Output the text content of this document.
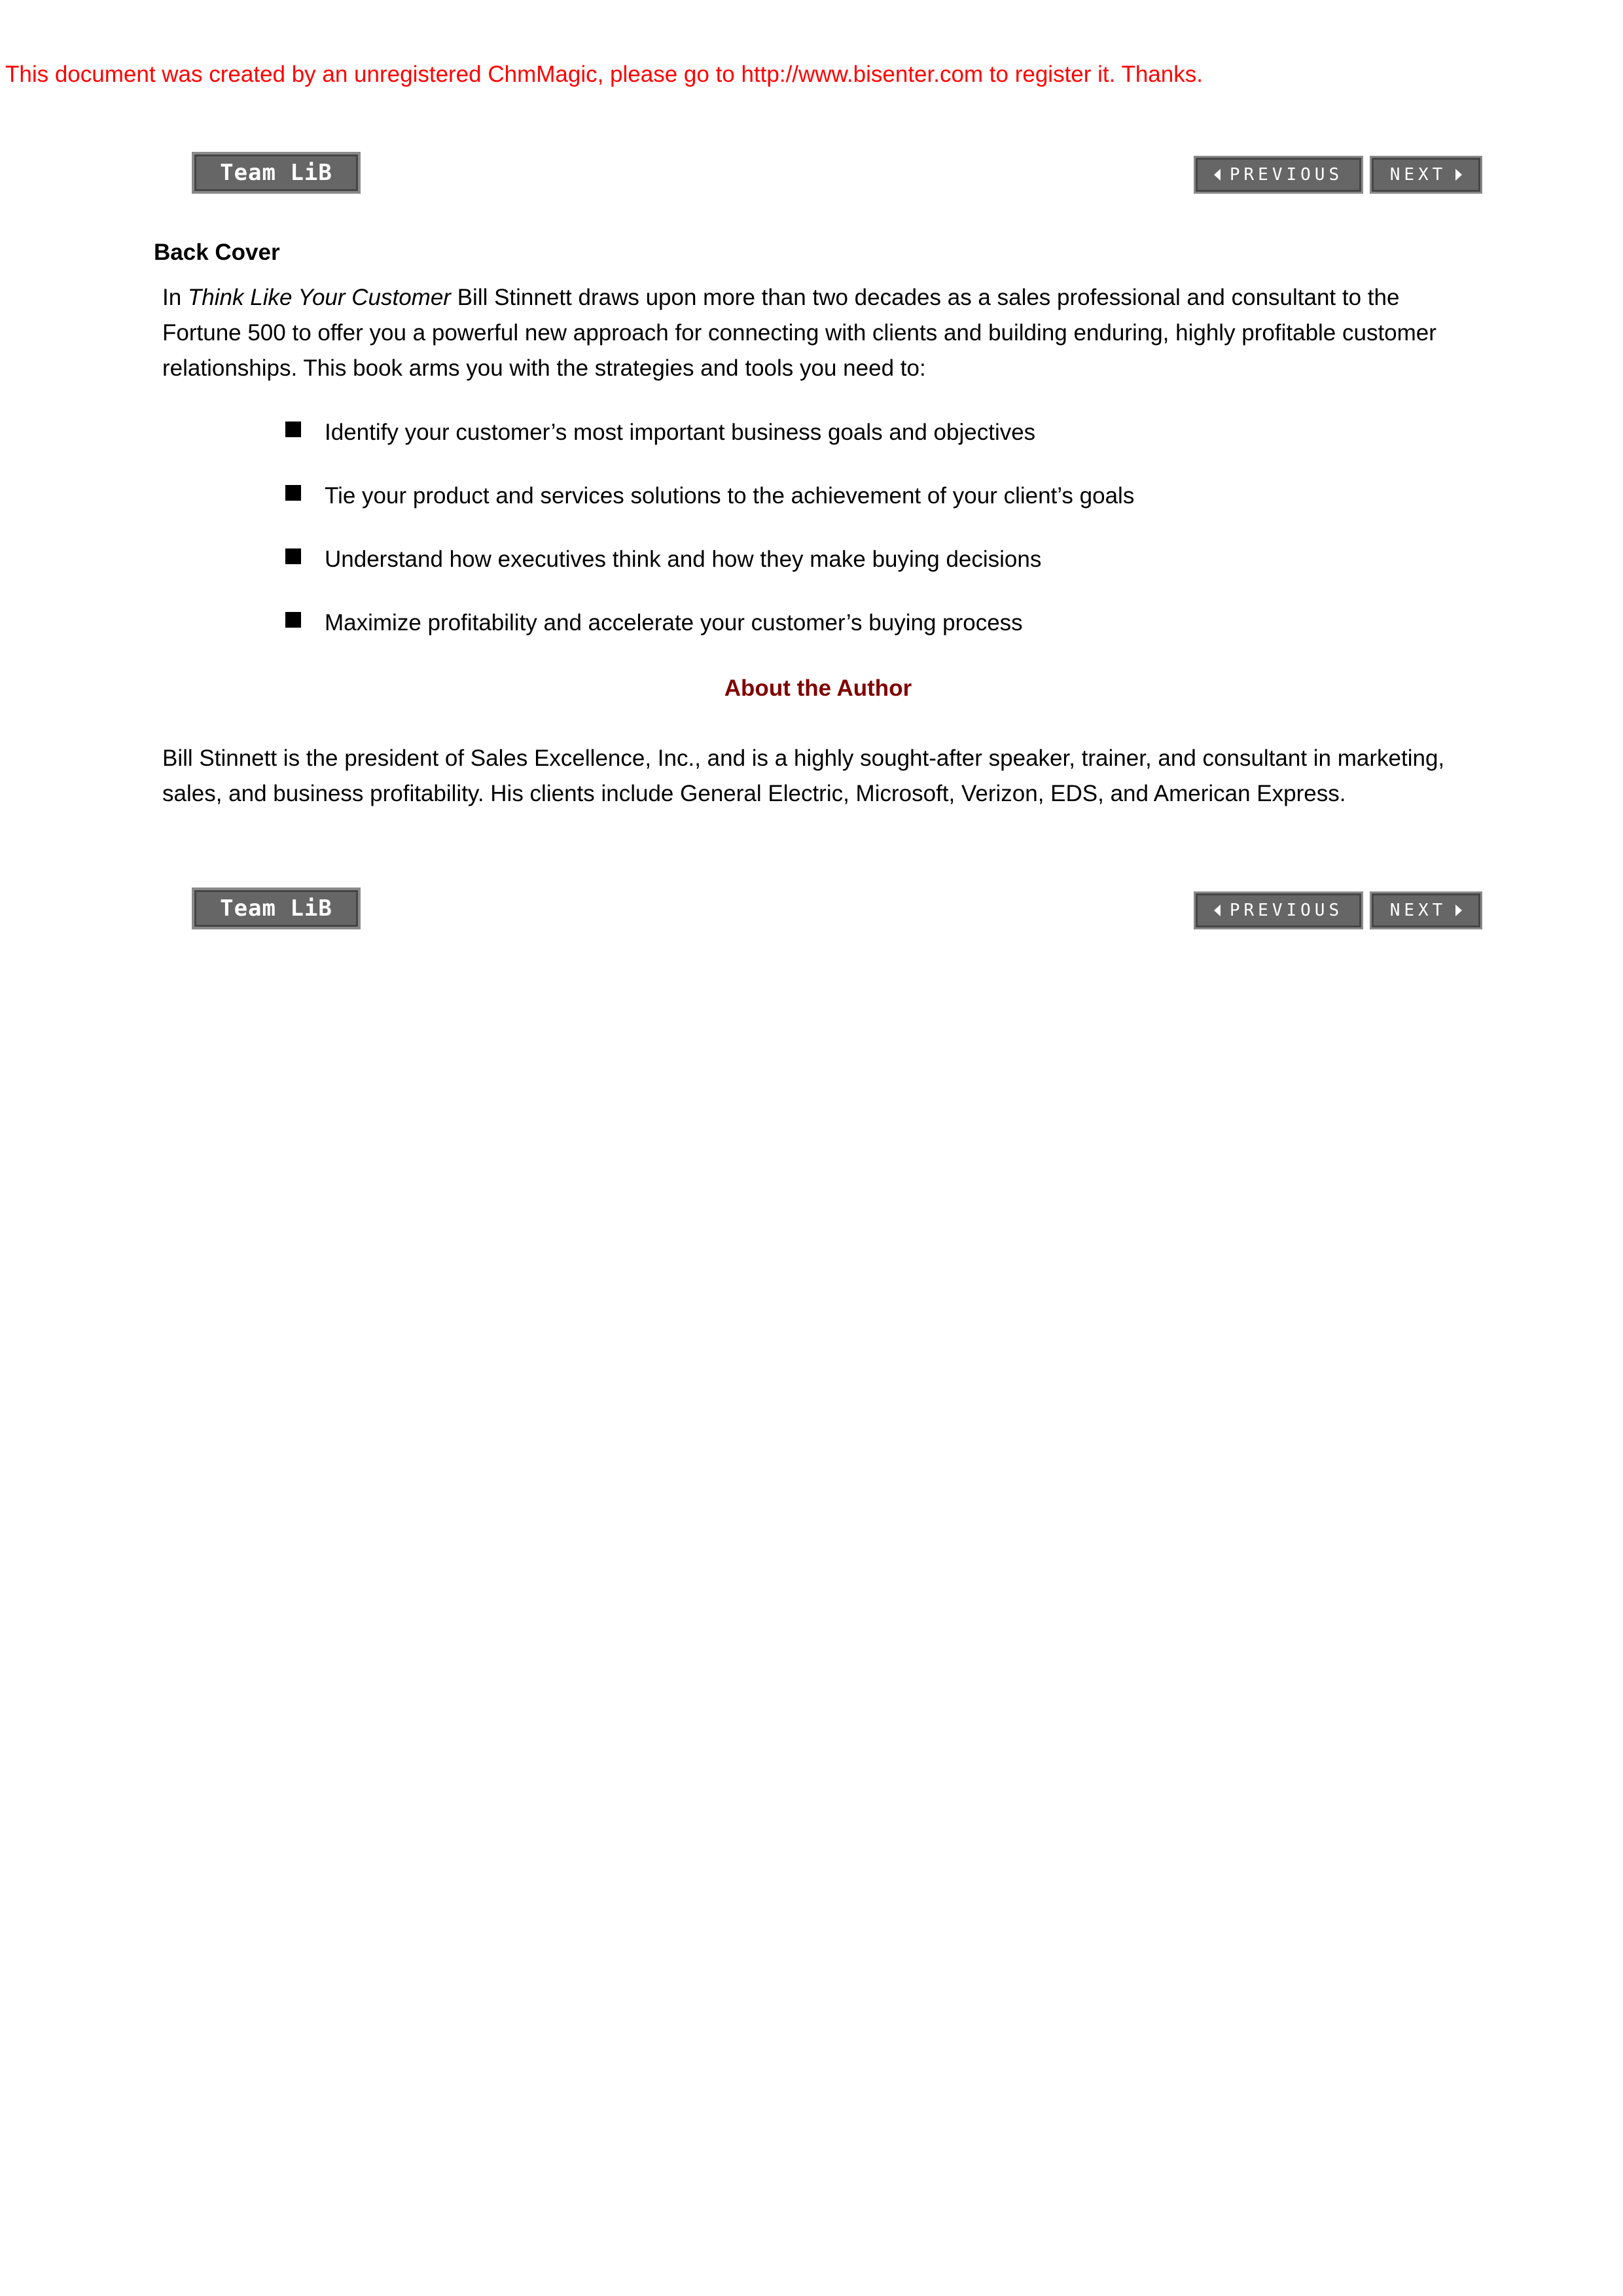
This document was created by an unregistered ChmMagic, please go to http://www.bisenter.com to register it. Thanks.
Team LiB	PREVIOUS	NEXT
Back Cover

In Think Like Your Customer Bill Stinnett draws upon more than two decades as a sales professional and consultant to the Fortune 500 to offer you a powerful new approach for connecting with clients and building enduring, highly profitable customer relationships. This book arms you with the strategies and tools you need to:

Identify your customer’s most important business goals and objectives
Tie your product and services solutions to the achievement of your client’s goals
Understand how executives think and how they make buying decisions
Maximize profitability and accelerate your customer’s buying process
About the Author

Bill Stinnett is the president of Sales Excellence, Inc., and is a highly sought-after speaker, trainer, and consultant in marketing, sales, and business profitability. His clients include General Electric, Microsoft, Verizon, EDS, and American Express.

Team LiB	PREVIOUS	NEXT
